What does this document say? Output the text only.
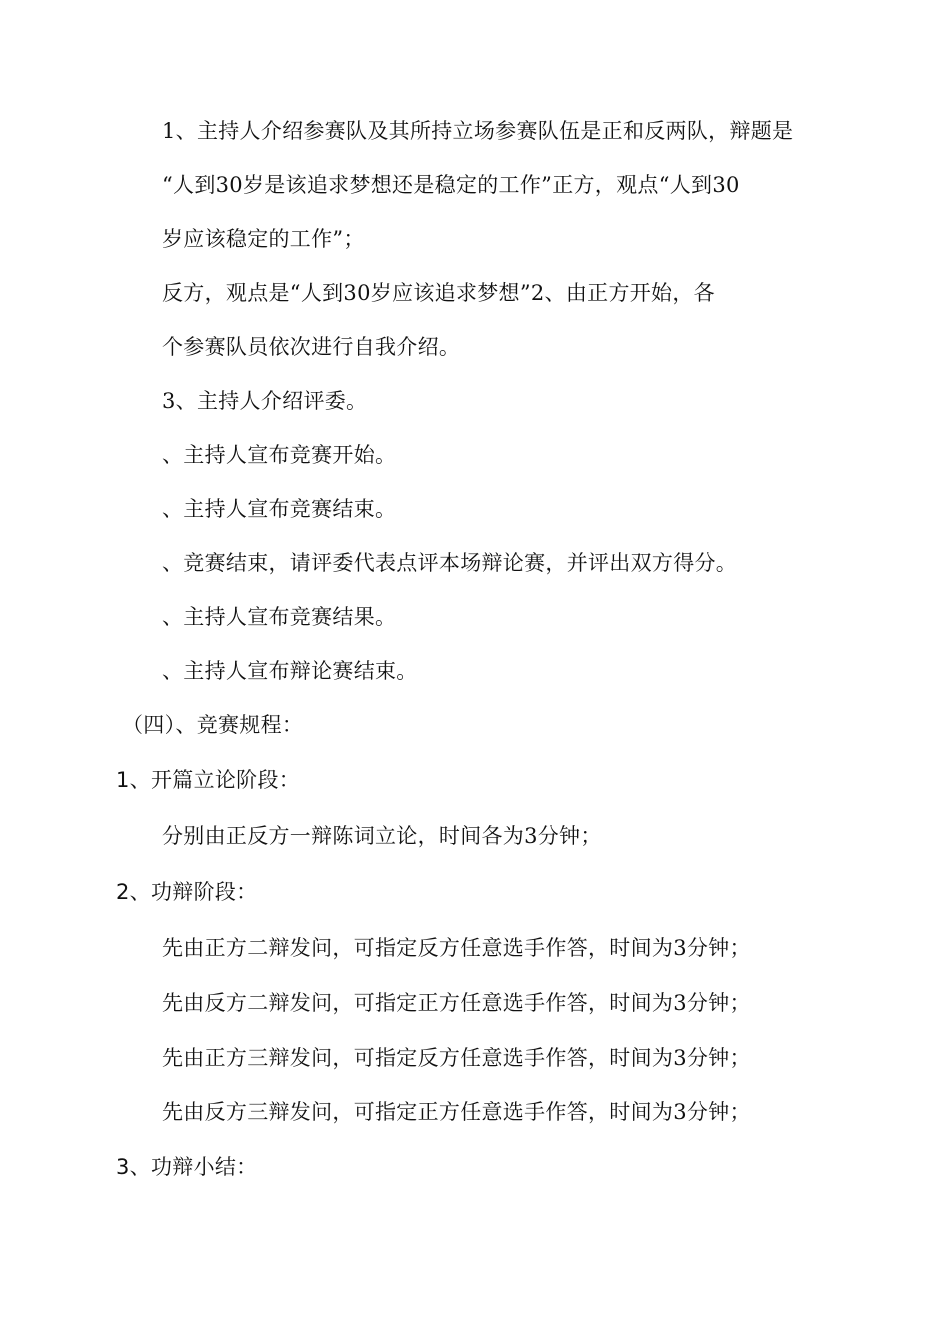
1、主持人介绍参赛队及其所持立场参赛队伍是正和反两队，辩题是
“人到30岁是该追求梦想还是稳定的工作”正方，观点“人到30
岁应该稳定的工作”；
反方，观点是“人到30岁应该追求梦想”2、由正方开始，各
个参赛队员依次进行自我介绍。
3、主持人介绍评委。
、主持人宣布竞赛开始。
、主持人宣布竞赛结束。
、竞赛结束，请评委代表点评本场辩论赛，并评出双方得分。
、主持人宣布竞赛结果。
、主持人宣布辩论赛结束。
（四）、竞赛规程：
1、开篇立论阶段：
分别由正反方一辩陈词立论，时间各为3分钟；
2、功辩阶段：
先由正方二辩发问，可指定反方任意选手作答，时间为3分钟；
先由反方二辩发问，可指定正方任意选手作答，时间为3分钟；
先由正方三辩发问，可指定反方任意选手作答，时间为3分钟；
先由反方三辩发问，可指定正方任意选手作答，时间为3分钟；
3、功辩小结：
